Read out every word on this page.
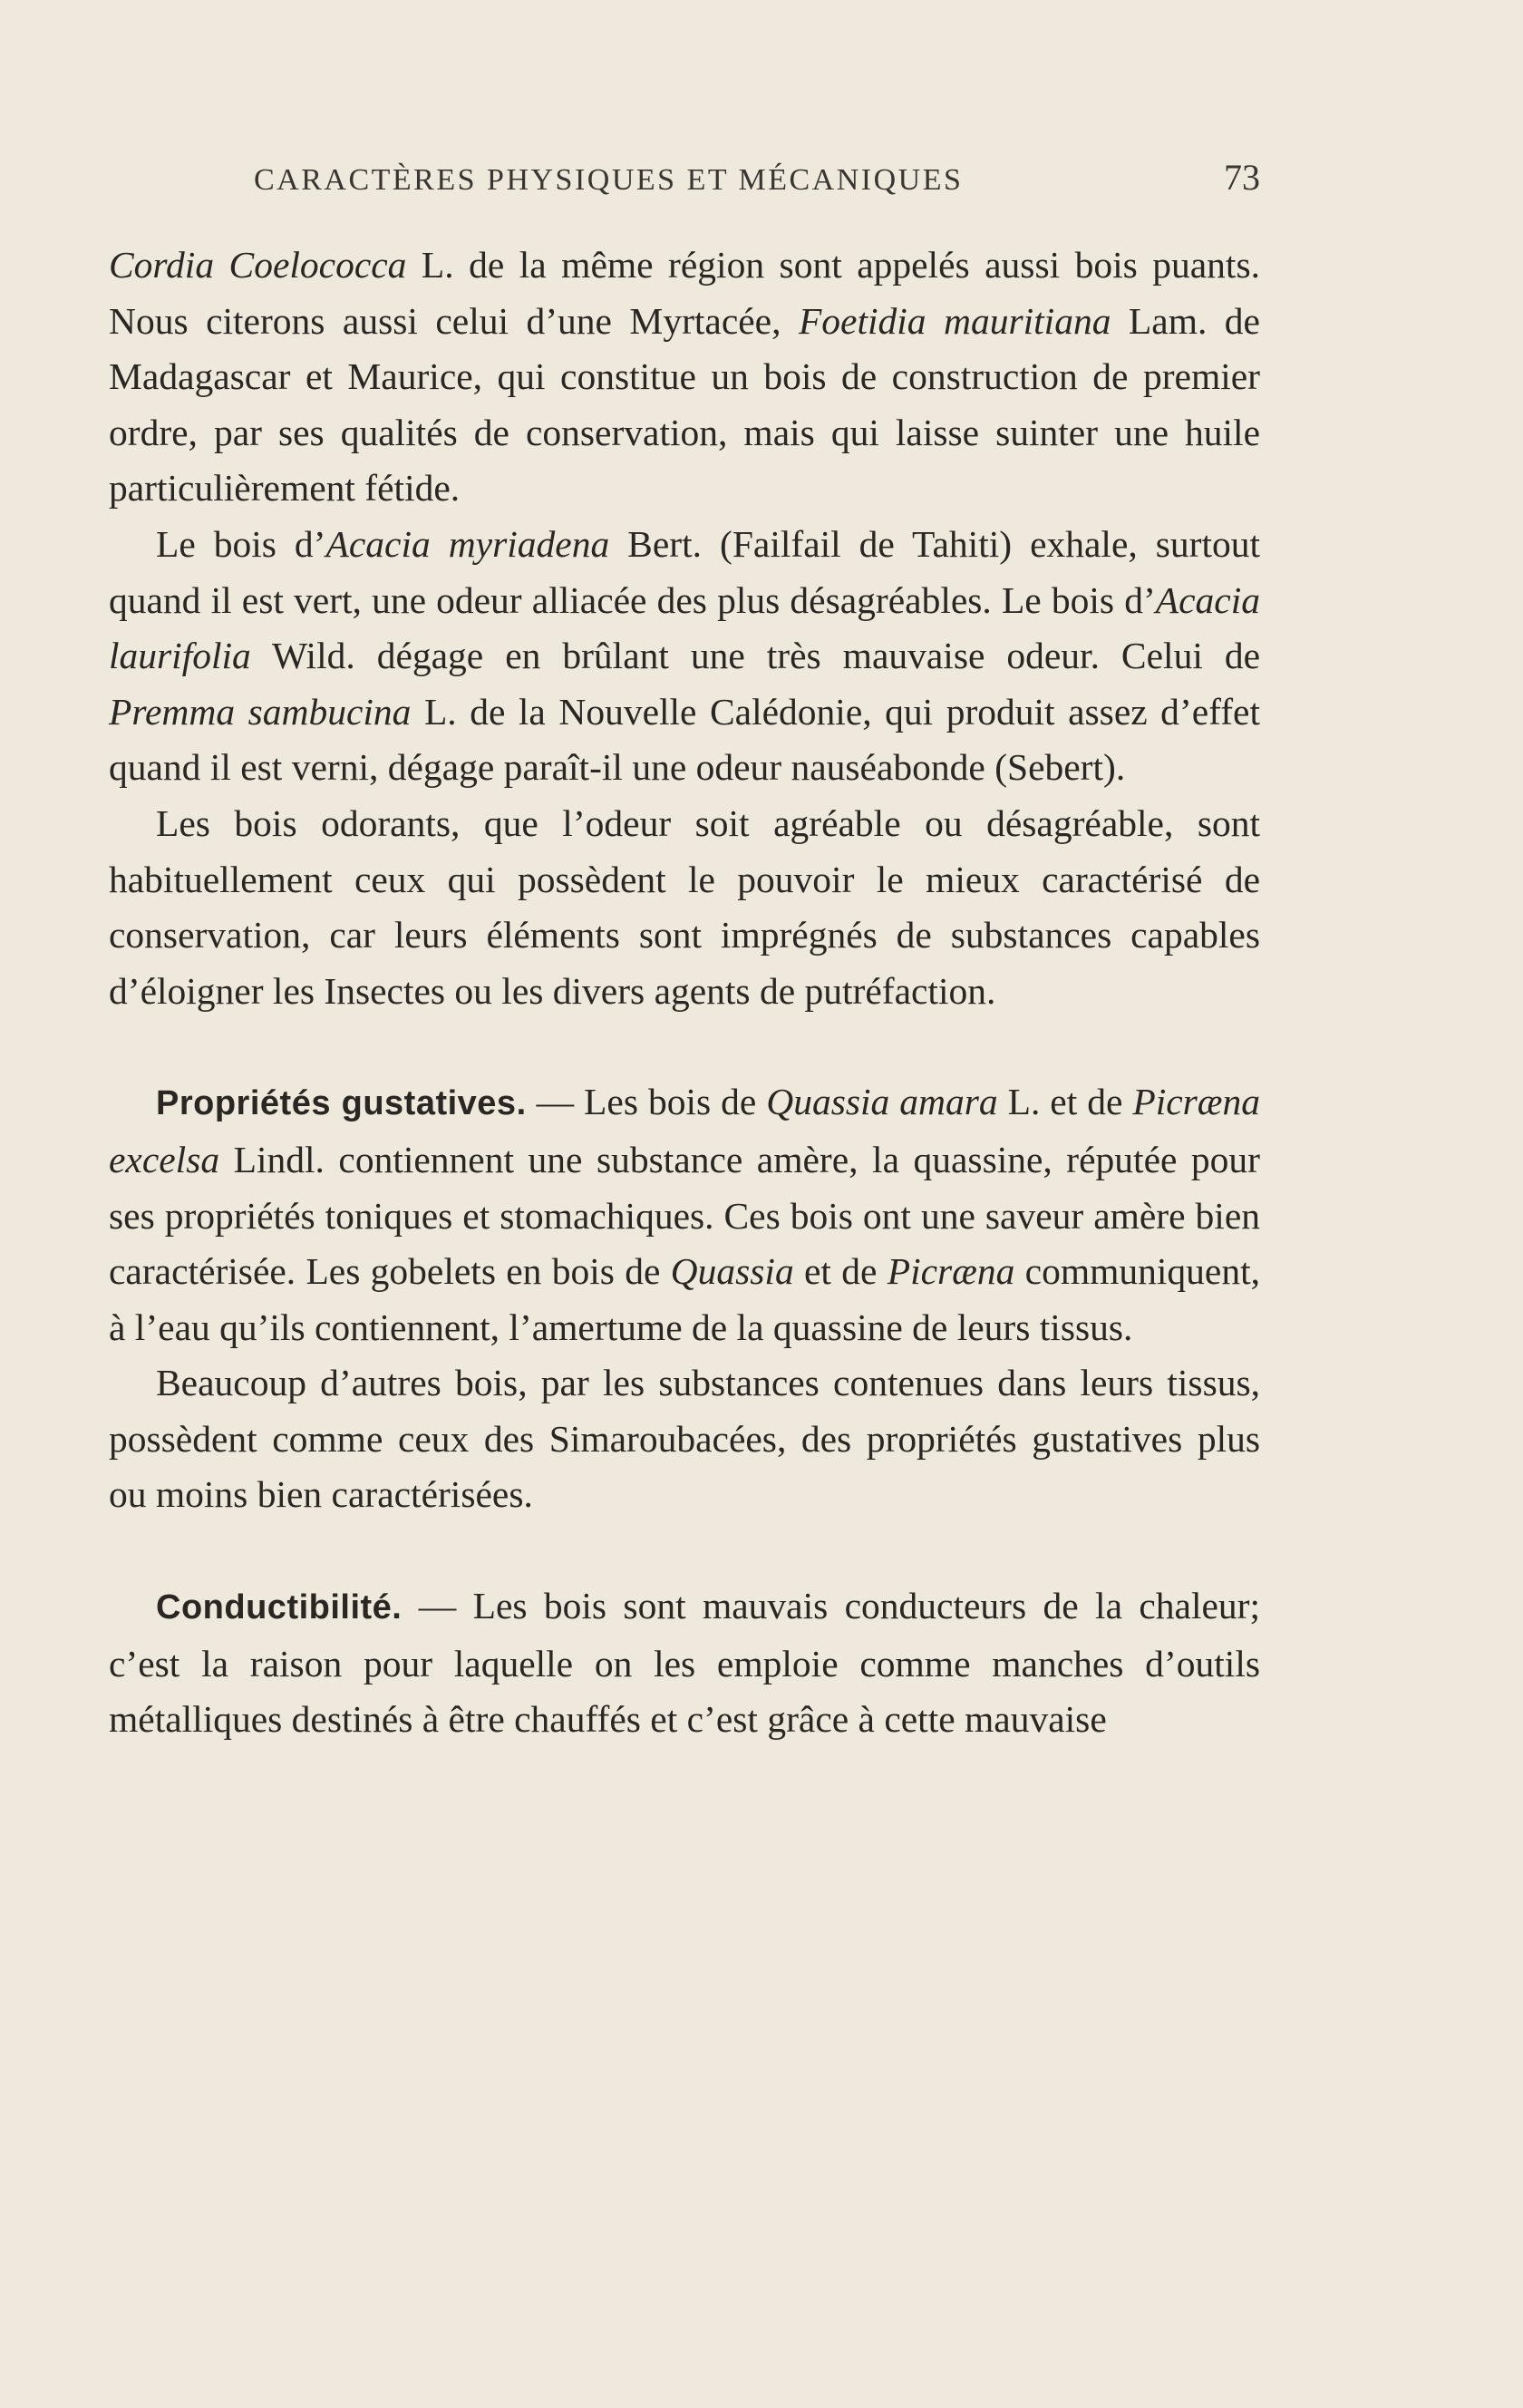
CARACTÈRES PHYSIQUES ET MÉCANIQUES	73

Cordia Coelococca L. de la même région sont appelés aussi bois puants. Nous citerons aussi celui d’une Myrtacée, Foetidia mauritiana Lam. de Madagascar et Maurice, qui constitue un bois de construction de premier ordre, par ses qualités de conservation, mais qui laisse suinter une huile particulièrement fétide.

Le bois d’Acacia myriadena Bert. (Failfail de Tahiti) exhale, surtout quand il est vert, une odeur alliacée des plus désagréables. Le bois d’Acacia laurifolia Wild. dégage en brûlant une très mauvaise odeur. Celui de Premma sambucina L. de la Nouvelle Calédonie, qui produit assez d’effet quand il est verni, dégage paraît-il une odeur nauséabonde (Sebert).

Les bois odorants, que l’odeur soit agréable ou désagréable, sont habituellement ceux qui possèdent le pouvoir le mieux caractérisé de conservation, car leurs éléments sont imprégnés de substances capables d’éloigner les Insectes ou les divers agents de putréfaction.

Propriétés gustatives. — Les bois de Quassia amara L. et de Picræna excelsa Lindl. contiennent une substance amère, la quassine, réputée pour ses propriétés toniques et stomachiques. Ces bois ont une saveur amère bien caractérisée. Les gobelets en bois de Quassia et de Picræna communiquent, à l’eau qu’ils contiennent, l’amertume de la quassine de leurs tissus.

Beaucoup d’autres bois, par les substances contenues dans leurs tissus, possèdent comme ceux des Simaroubacées, des propriétés gustatives plus ou moins bien caractérisées.

Conductibilité. — Les bois sont mauvais conducteurs de la chaleur; c’est la raison pour laquelle on les emploie comme manches d’outils métalliques destinés à être chauffés et c’est grâce à cette mauvaise
